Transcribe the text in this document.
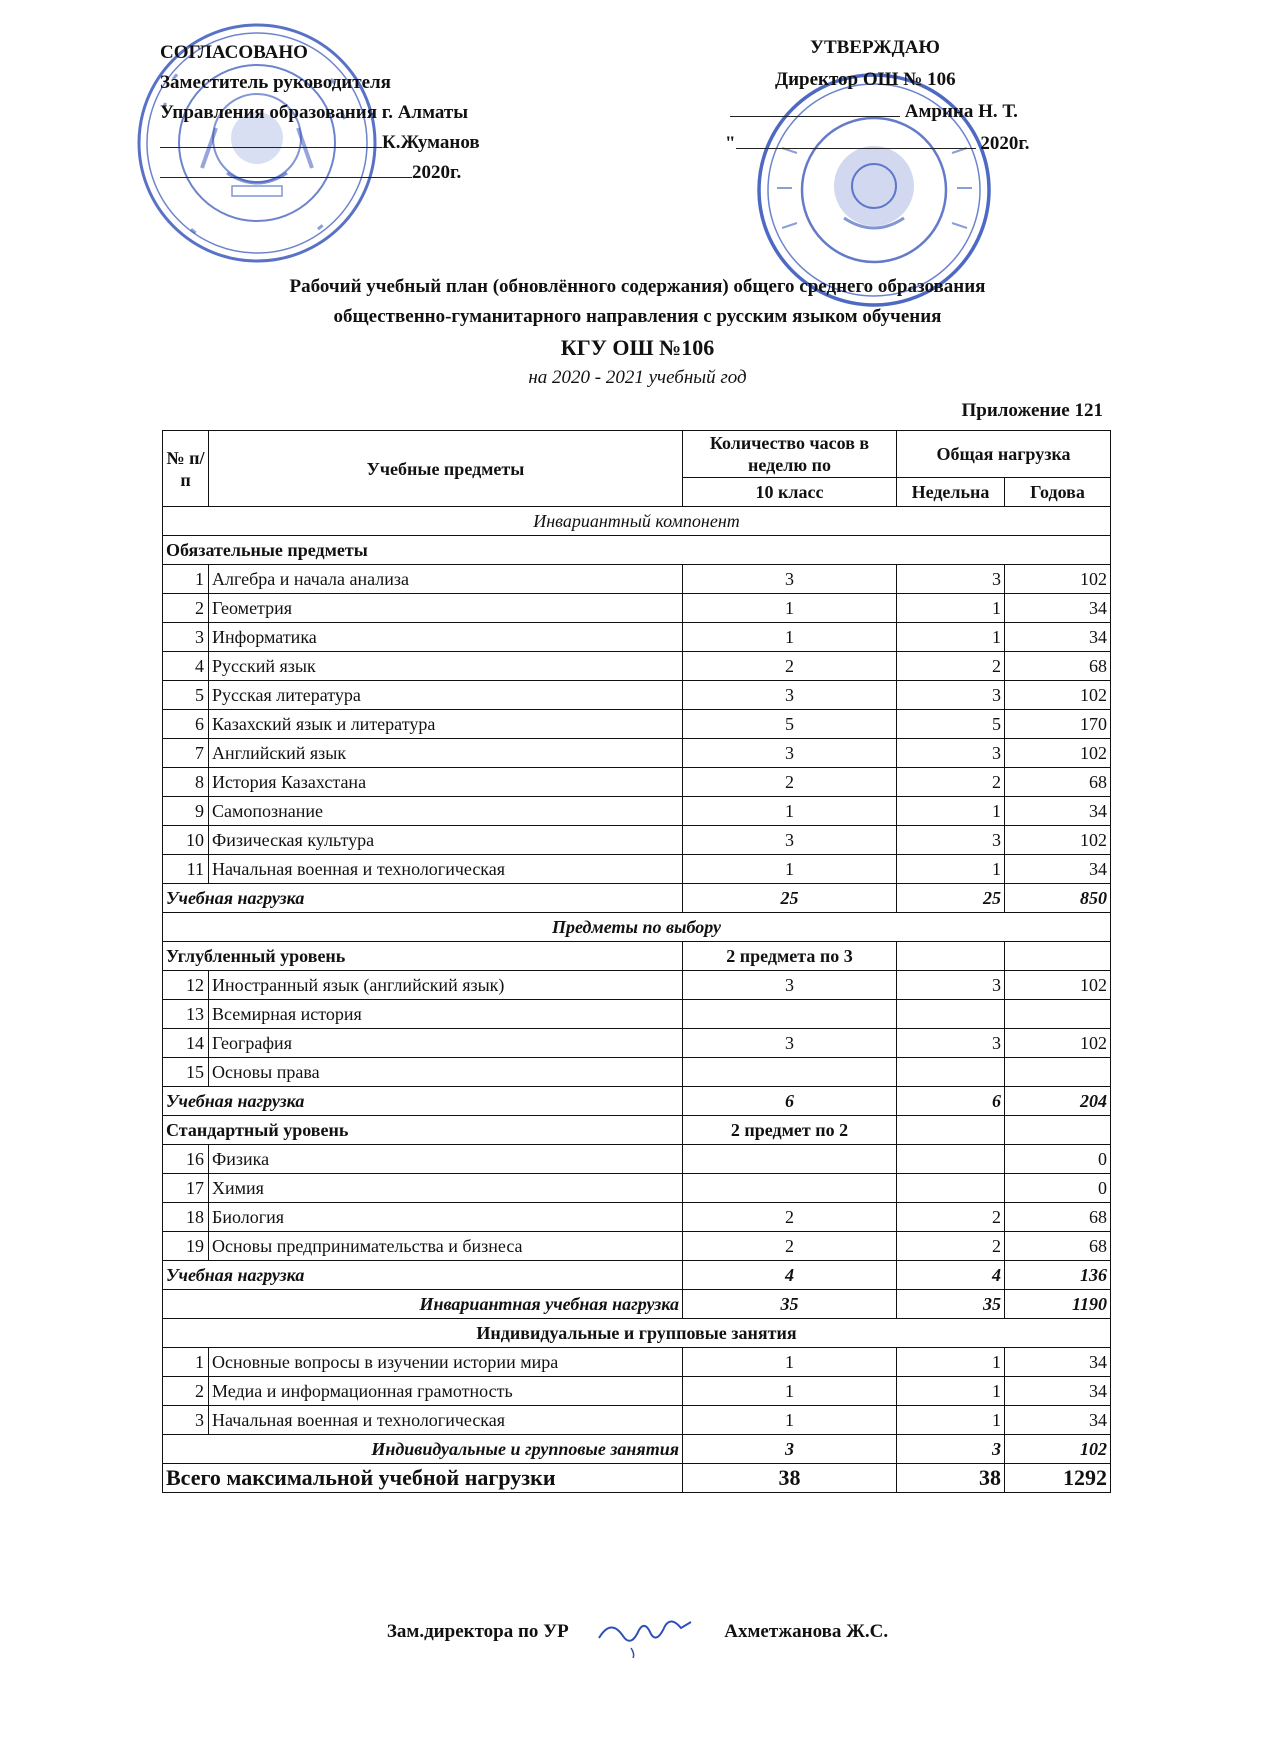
СОГЛАСОВАНО
Заместитель руководителя
Управления образования г. Алматы
К.Жуманов
2020г.
УТВЕРЖДАЮ
Директор ОШ № 106
Амрина Н. Т.
"	2020г.
Рабочий учебный план (обновлённого содержания) общего среднего образования
общественно-гуманитарного направления с русским языком обучения
КГУ ОШ №106
на 2020 - 2021 учебный год
Приложение 121
№ п/п	Учебные предметы	Количество часов в неделю по	Общая нагрузка	
		10 класс	Недельна	Годова
Инвариантный компонент				
Обязательные предметы				
1	Алгебра и начала анализа	3	3	102
2	Геометрия	1	1	34
3	Информатика	1	1	34
4	Русский язык	2	2	68
5	Русская литература	3	3	102
6	Казахский язык и литература	5	5	170
7	Английский язык	3	3	102
8	История Казахстана	2	2	68
9	Самопознание	1	1	34
10	Физическая культура	3	3	102
11	Начальная военная и технологическая	1	1	34
Учебная нагрузка		25	25	850
Предметы по выбору				
Углубленный уровень		2 предмета по 3		
12	Иностранный язык (английский язык)	3	3	102
13	Всемирная история			
14	География	3	3	102
15	Основы права			
Учебная нагрузка		6	6	204
Стандартный уровень		2 предмет по 2		
16	Физика			0
17	Химия			0
18	Биология	2	2	68
19	Основы предпринимательства и бизнеса	2	2	68
Учебная нагрузка		4	4	136
Инвариантная учебная нагрузка		35	35	1190
Индивидуальные и групповые занятия				
1	Основные вопросы в изучении истории мира	1	1	34
2	Медиа и информационная грамотность	1	1	34
3	Начальная военная и технологическая	1	1	34
Индивидуальные и групповые занятия		3	3	102
Всего максимальной учебной нагрузки		38	38	1292
Зам.директора по УР	Ахметжанова Ж.С.
